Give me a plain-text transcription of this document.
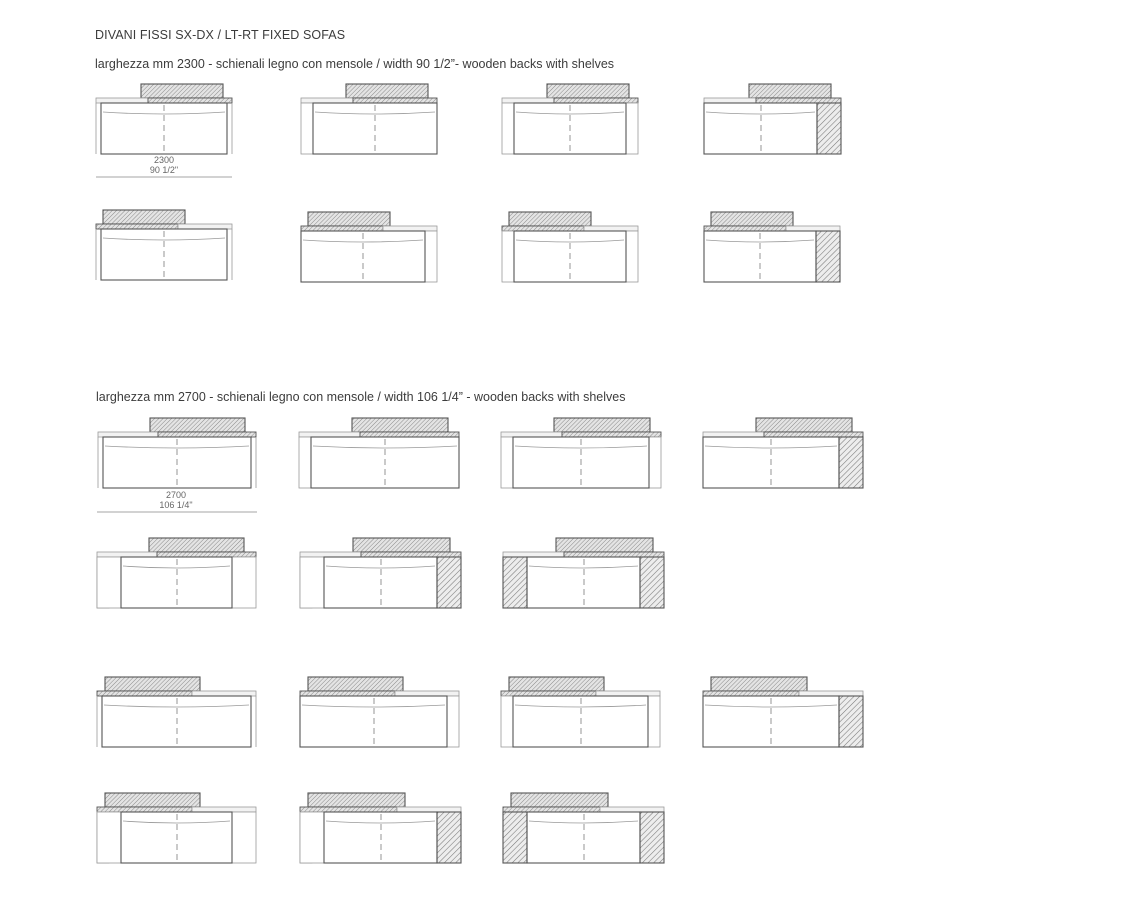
DIVANI FISSI SX-DX / LT-RT FIXED SOFAS
larghezza mm 2300 - schienali legno con mensole / width 90 1/2”- wooden backs with shelves
larghezza mm 2700 - schienali legno con mensole / width 106 1/4” - wooden backs with shelves
2300
90 1/2"
2700
106 1/4"
